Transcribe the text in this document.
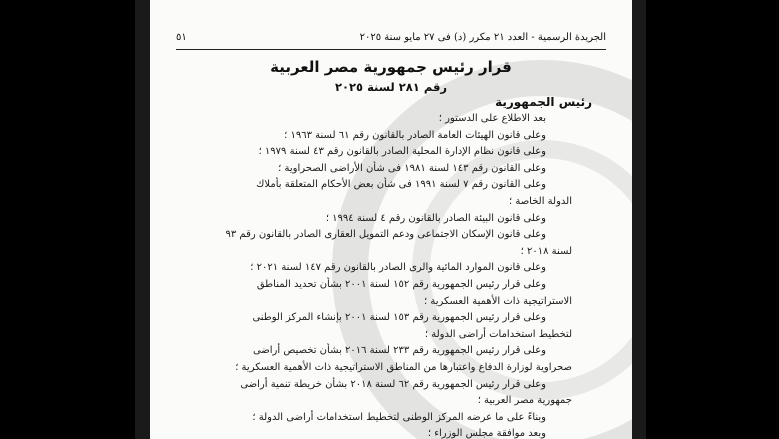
الجريدة الرسمية - العدد ٢١ مكرر (د) فى ٢٧ مايو سنة ٢٠٢٥
٥١
قرار رئيس جمهورية مصر العربية
رقم ٢٨١ لسنة ٢٠٢٥
رئيس الجمهورية
بعد الاطلاع على الدستور ؛
وعلى قانون الهيئات العامة الصادر بالقانون رقم ٦١ لسنة ١٩٦٣ ؛
وعلى قانون نظام الإدارة المحلية الصادر بالقانون رقم ٤٣ لسنة ١٩٧٩ ؛
وعلى القانون رقم ١٤٣ لسنة ١٩٨١ فى شأن الأراضى الصحراوية ؛
وعلى القانون رقم ٧ لسنة ١٩٩١ فى شأن بعض الأحكام المتعلقة بأملاك
الدولة الخاصة ؛
وعلى قانون البيئة الصادر بالقانون رقم ٤ لسنة ١٩٩٤ ؛
وعلى قانون الإسكان الاجتماعى ودعم التمويل العقارى الصادر بالقانون رقم ٩٣
لسنة ٢٠١٨ ؛
وعلى قانون الموارد المائية والرى الصادر بالقانون رقم ١٤٧ لسنة ٢٠٢١ ؛
وعلى قرار رئيس الجمهورية رقم ١٥٢ لسنة ٢٠٠١ بشأن تحديد المناطق
الاستراتيجية ذات الأهمية العسكرية ؛
وعلى قرار رئيس الجمهورية رقم ١٥٣ لسنة ٢٠٠١ بإنشاء المركز الوطنى
لتخطيط استخدامات أراضى الدولة ؛
وعلى قرار رئيس الجمهورية رقم ٢٣٣ لسنة ٢٠١٦ بشأن تخصيص أراضى
صحراوية لوزارة الدفاع واعتبارها من المناطق الاستراتيجية ذات الأهمية العسكرية ؛
وعلى قرار رئيس الجمهورية رقم ٦٢ لسنة ٢٠١٨ بشأن خريطة تنمية أراضى
جمهورية مصر العربية ؛
وبناءً على ما عرضه المركز الوطنى لتخطيط استخدامات أراضى الدولة ؛
وبعد موافقة مجلس الوزراء ؛
